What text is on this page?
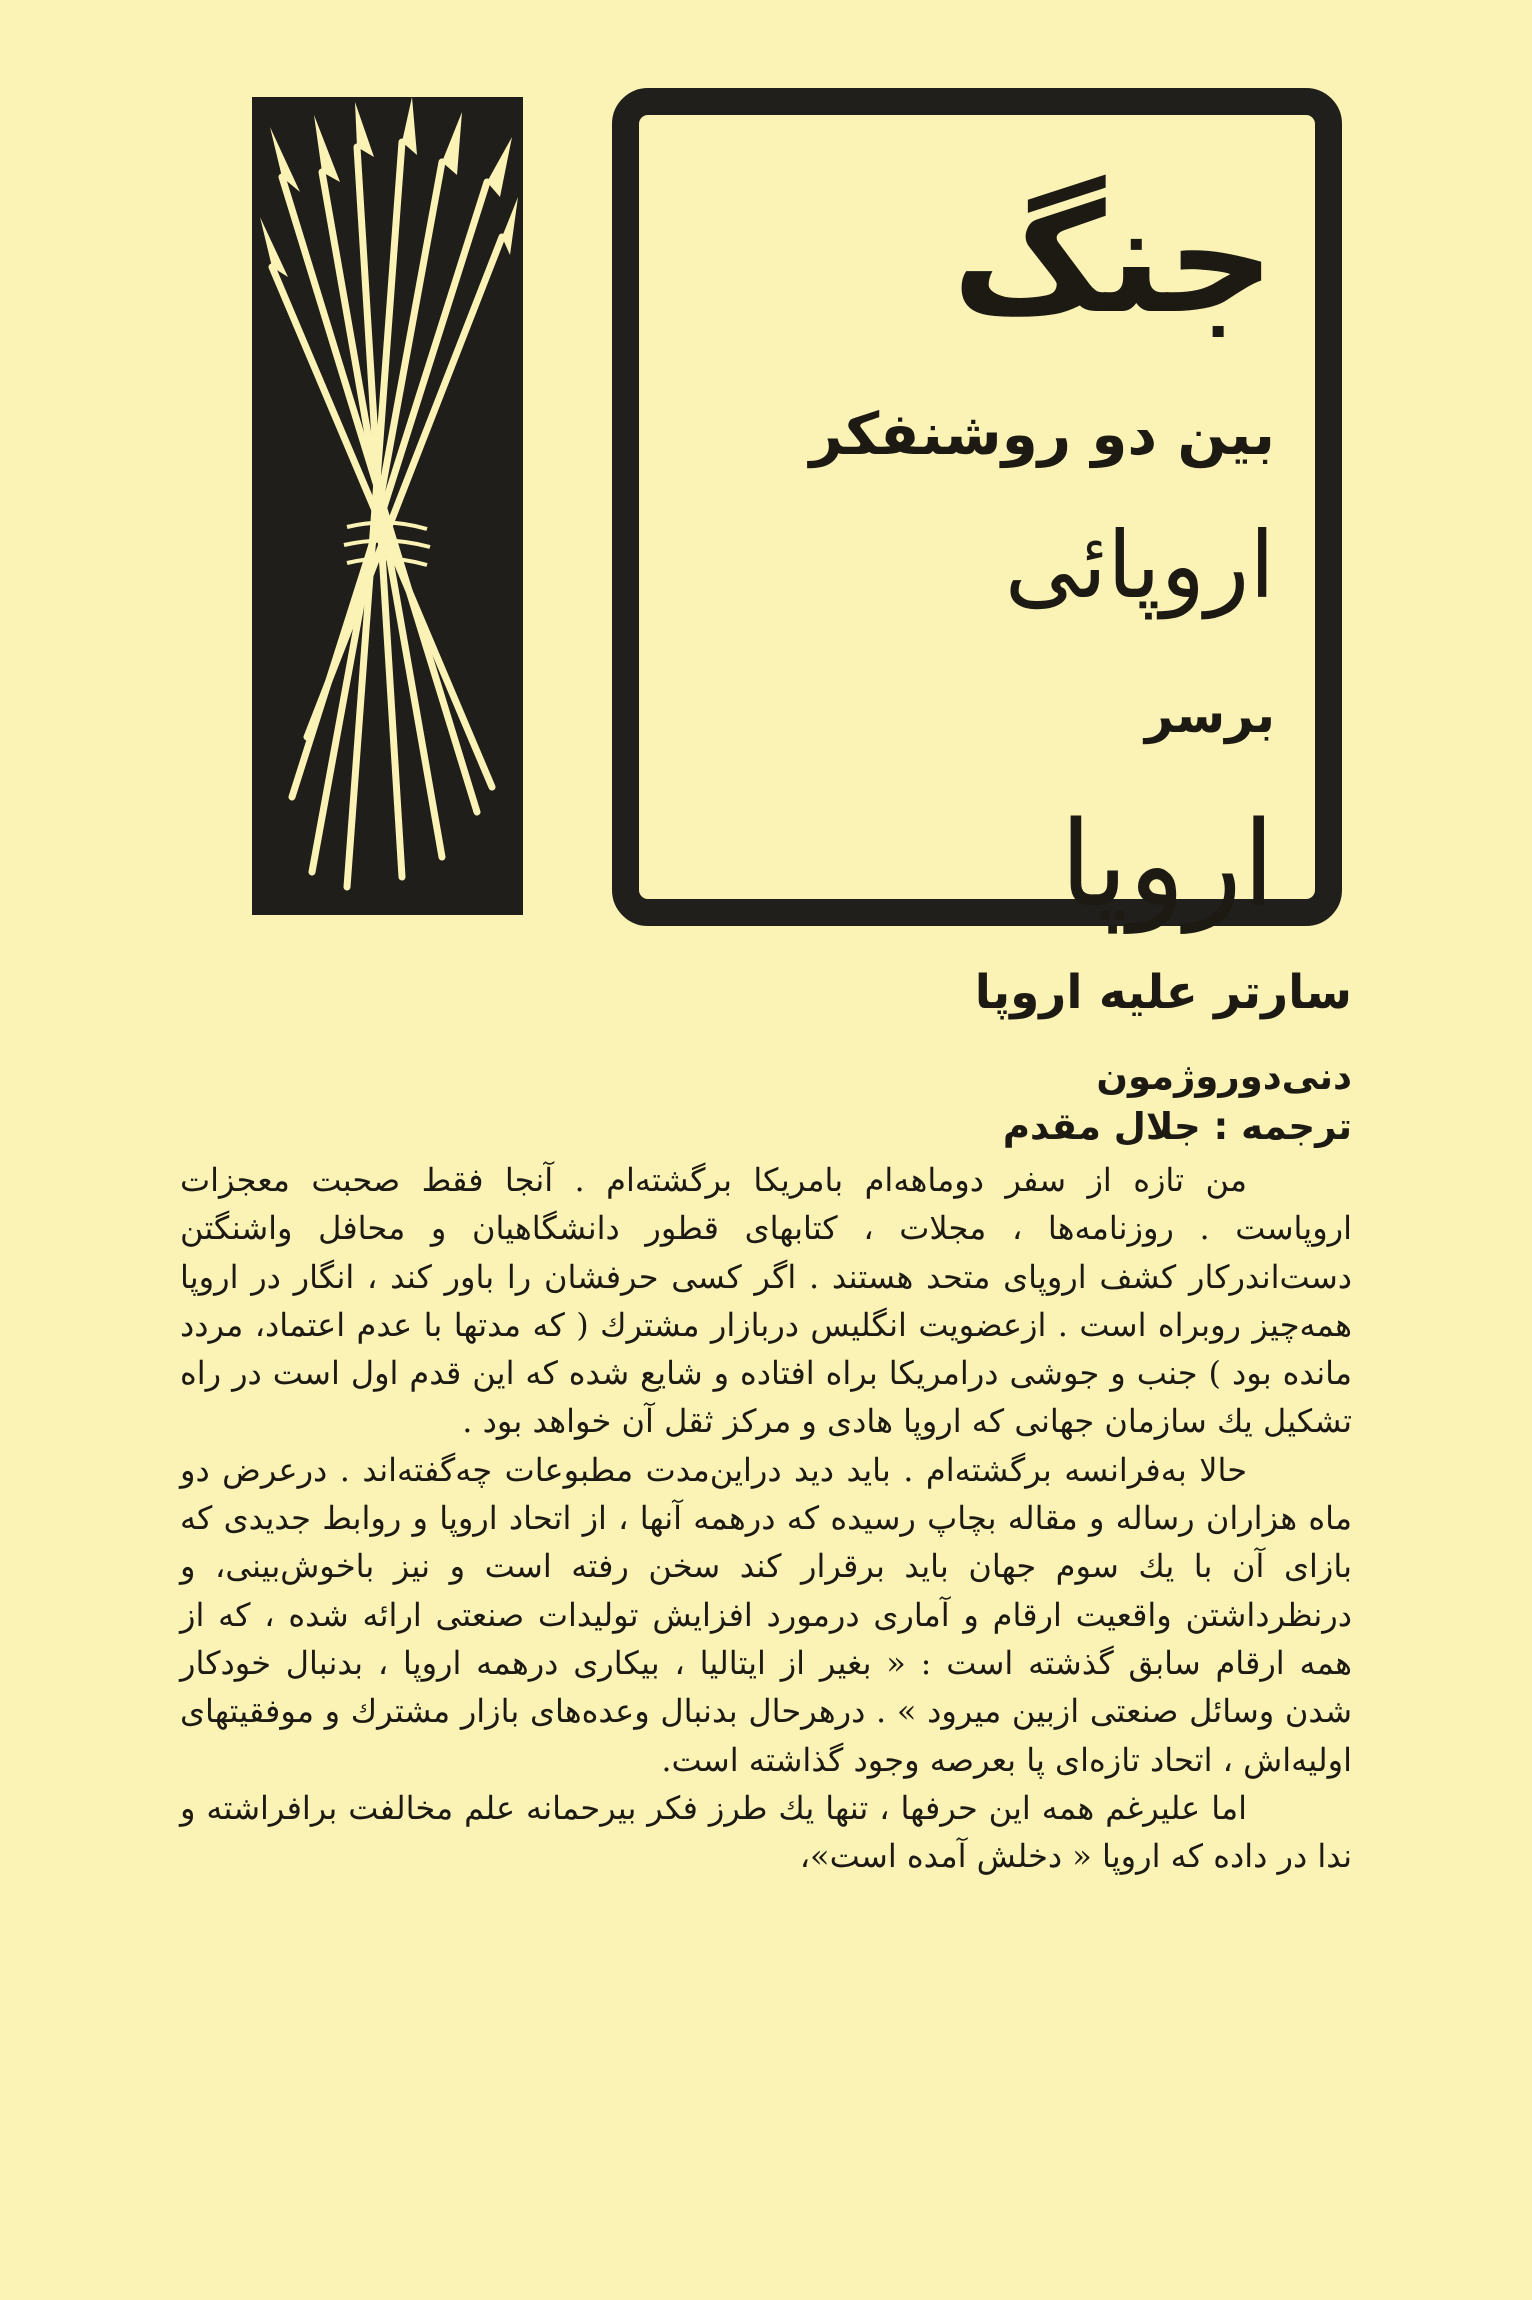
جنگ
بین دو روشنفکر
اروپائی
برسر
اروپا
سارتر علیه اروپا
دنی‌دوروژمون
ترجمه : جلال مقدم

من تازه از سفر دوماهه‌ام بامریکا برگشته‌ام . آنجا فقط صحبت معجزات اروپاست . روزنامه‌ها ، مجلات ، کتابهای قطور دانشگاهیان و محافل واشنگتن دست‌اندرکار کشف اروپای متحد هستند . اگر کسی حرفشان را باور کند ، انگار در اروپا همه‌چیز روبراه است . ازعضویت انگلیس دربازار مشترك ( که مدتها با عدم اعتماد، مردد مانده بود ) جنب و جوشی درامریکا براه افتاده و شایع شده که این قدم اول است در راه تشکیل یك سازمان جهانی که اروپا هادی و مرکز ثقل آن خواهد بود .

حالا به‌فرانسه برگشته‌ام . باید دید دراین‌مدت مطبوعات چه‌گفته‌اند . درعرض دو ماه هزاران رساله و مقاله بچاپ رسیده که درهمه آنها ، از اتحاد اروپا و روابط جدیدی که بازای آن با یك سوم جهان باید برقرار کند سخن رفته است و نیز باخوش‌بینی، و درنظرداشتن واقعیت ارقام و آماری درمورد افزایش تولیدات صنعتی ارائه شده ، که از همه ارقام سابق گذشته است : « بغیر از ایتالیا ، بیکاری درهمه اروپا ، بدنبال خودکار شدن وسائل صنعتی ازبین میرود » . درهرحال بدنبال وعده‌های بازار مشترك و موفقیتهای اولیه‌اش ، اتحاد تازه‌ای پا بعرصه وجود گذاشته است.

اما علیرغم همه این حرفها ، تنها یك طرز فکر بیرحمانه علم مخالفت برافراشته و ندا در داده که اروپا « دخلش آمده است»،
